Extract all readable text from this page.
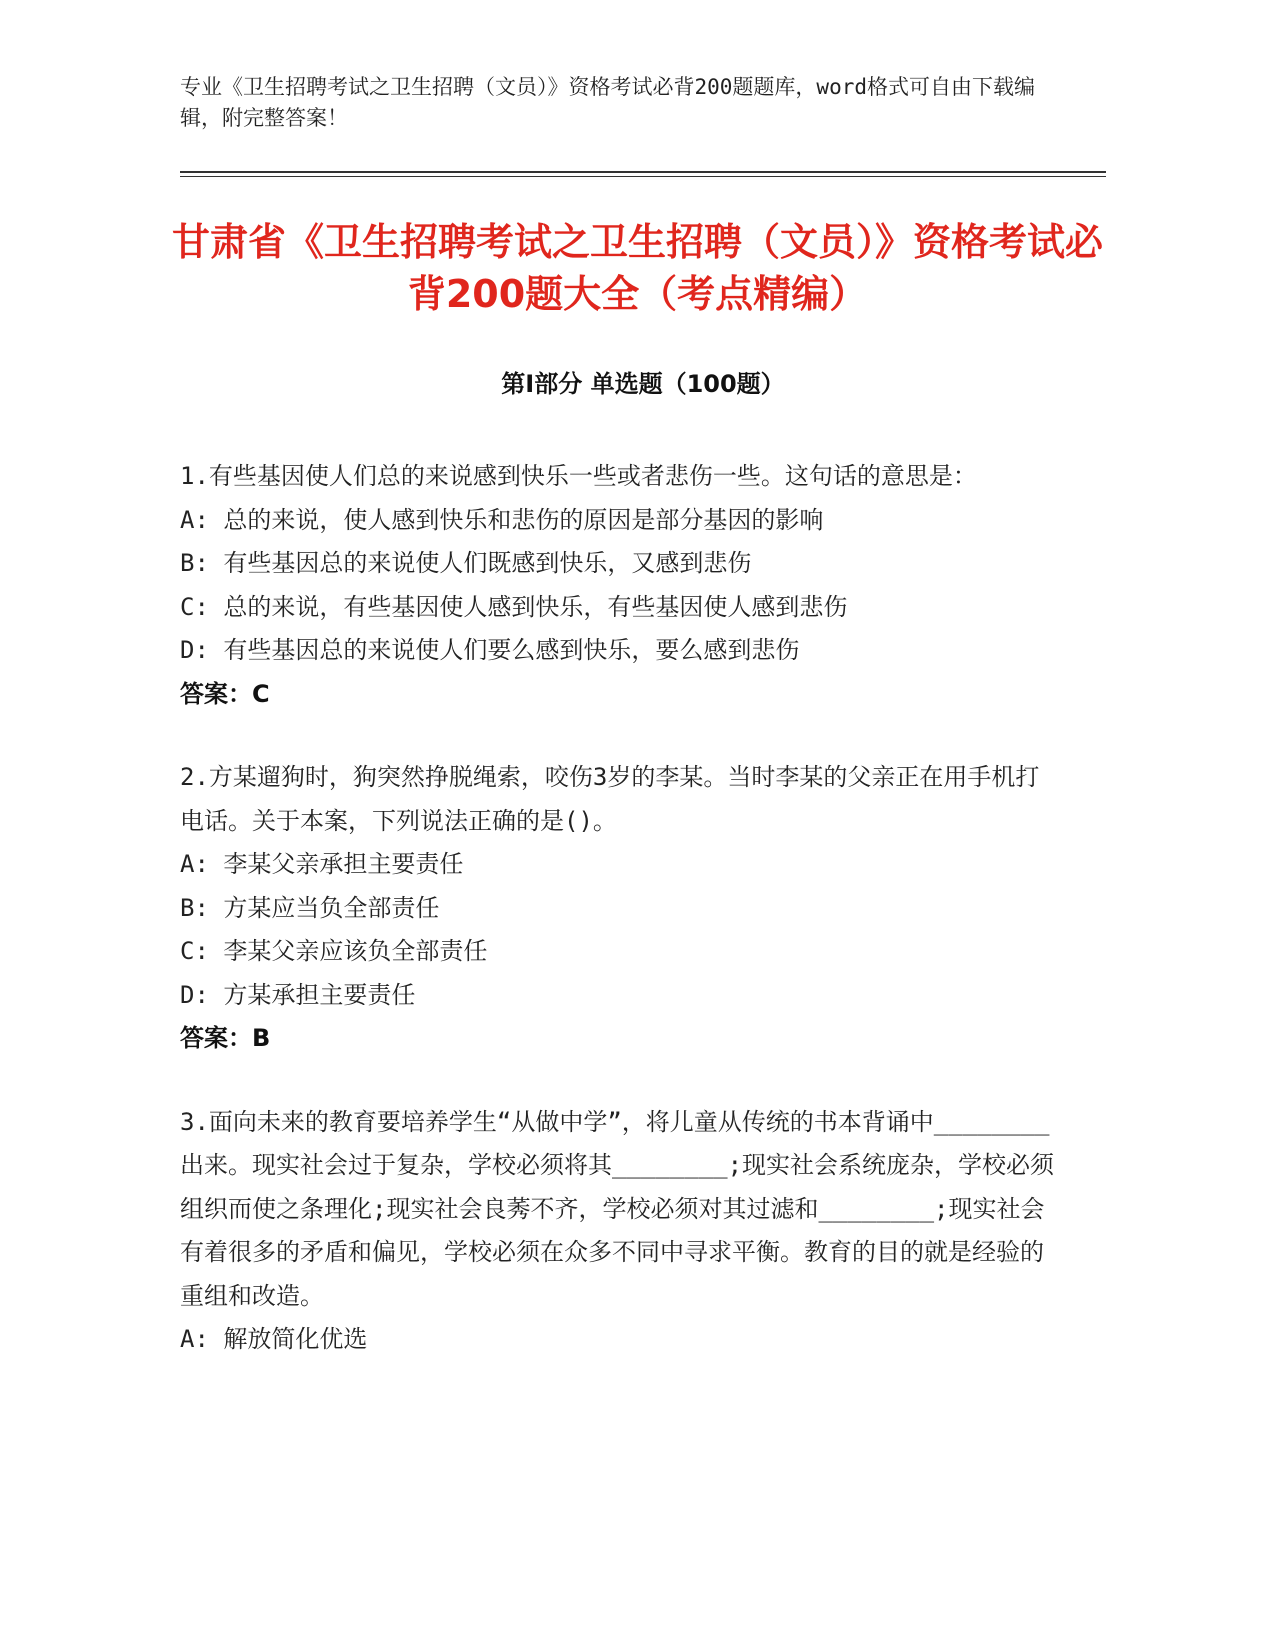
专业《卫生招聘考试之卫生招聘（文员）》资格考试必背200题题库，word格式可自由下载编辑，附完整答案！
甘肃省《卫生招聘考试之卫生招聘（文员）》资格考试必背200题大全（考点精编）
第Ⅰ部分 单选题（100题）
1.有些基因使人们总的来说感到快乐一些或者悲伤一些。这句话的意思是：
A: 总的来说，使人感到快乐和悲伤的原因是部分基因的影响
B: 有些基因总的来说使人们既感到快乐，又感到悲伤
C: 总的来说，有些基因使人感到快乐，有些基因使人感到悲伤
D: 有些基因总的来说使人们要么感到快乐，要么感到悲伤
答案：C
2.方某遛狗时，狗突然挣脱绳索，咬伤3岁的李某。当时李某的父亲正在用手机打电话。关于本案，下列说法正确的是()。
A: 李某父亲承担主要责任
B: 方某应当负全部责任
C: 李某父亲应该负全部责任
D: 方某承担主要责任
答案：B
3.面向未来的教育要培养学生“从做中学”，将儿童从传统的书本背诵中________出来。现实社会过于复杂，学校必须将其________;现实社会系统庞杂，学校必须组织而使之条理化;现实社会良莠不齐，学校必须对其过滤和________;现实社会有着很多的矛盾和偏见，学校必须在众多不同中寻求平衡。教育的目的就是经验的重组和改造。
A: 解放简化优选
